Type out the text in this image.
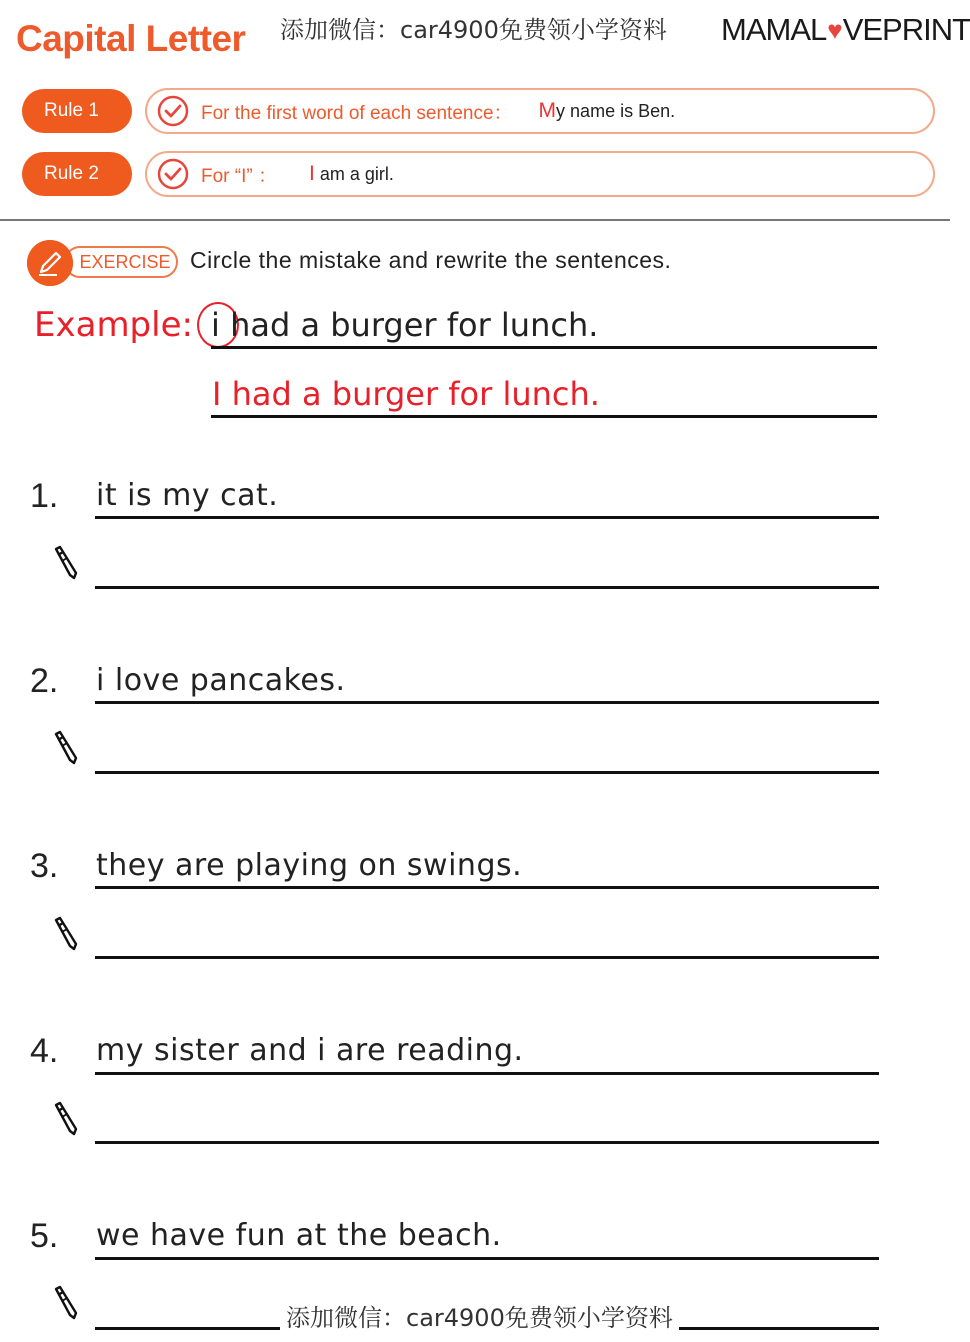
Capital Letter 添加微信：car4900免费领小学资料 MAMAL ♥ VEPRINT
Rule 1	For the first word of each sentence： My name is Ben.
Rule 2	For “I” ： I am a girl.
EXERCISE Circle the mistake and rewrite the sentences.
Example: i had a burger for lunch.
I had a burger for lunch.
1. it is my cat.
2. i love pancakes.
3. they are playing on swings.
4. my sister and i are reading.
5. we have fun at the beach.
添加微信：car4900免费领小学资料
